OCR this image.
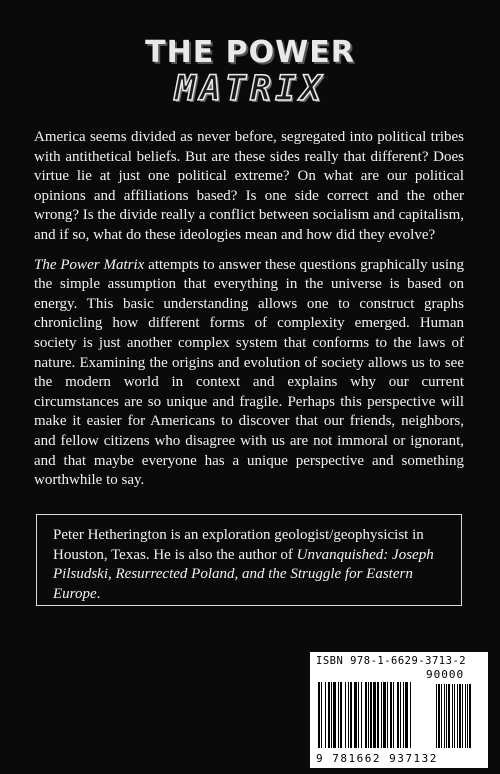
THE POWER
MATRIX

America seems divided as never before, segregated into political tribes with antithetical beliefs. But are these sides really that different? Does virtue lie at just one political extreme? On what are our political opinions and affiliations based? Is one side correct and the other wrong? Is the divide really a conflict between socialism and capitalism, and if so, what do these ideologies mean and how did they evolve?

The Power Matrix attempts to answer these questions graphically using the simple assumption that everything in the universe is based on energy. This basic understanding allows one to construct graphs chronicling how different forms of complexity emerged. Human society is just another complex system that conforms to the laws of nature. Examining the origins and evolution of society allows us to see the modern world in context and explains why our current circumstances are so unique and fragile. Perhaps this perspective will make it easier for Americans to discover that our friends, neighbors, and fellow citizens who disagree with us are not immoral or ignorant, and that maybe everyone has a unique perspective and something worthwhile to say.

Peter Hetherington is an exploration geologist/geophysicist in Houston, Texas. He is also the author of Unvanquished: Joseph Pilsudski, Resurrected Poland, and the Struggle for Eastern Europe.
ISBN 978-1-6629-3713-2
90000
9 781662 937132
